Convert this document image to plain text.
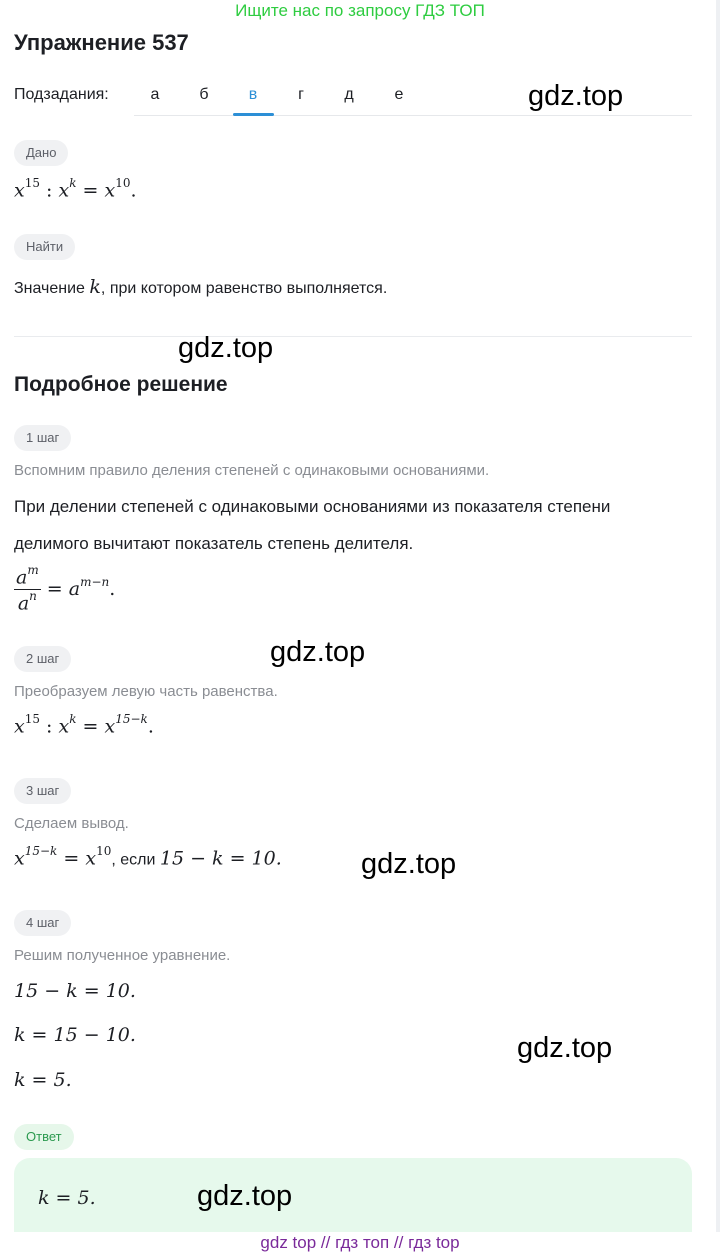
Ищите нас по запросу ГДЗ ТОП
Упражнение 537
Подзадания:	а	б	в	г	д	е	gdz.top
Дано
$x^{15}$ : $x^k = x^{10}$.
Найти
Значение k, при котором равенство выполняется.
gdz.top
Подробное решение
1 шаг
Вспомним правило деления степеней с одинаковыми основаниями.
При делении степеней с одинаковыми основаниями из показателя степени
делимого вычитают показатель степень делителя.
$\frac{a^m}{a^n} = a^{m-n}$.
gdz.top
2 шаг
Преобразуем левую часть равенства.
$x^{15}$ : $x^k = x^{15-k}$.
3 шаг
Сделаем вывод.
$x^{15-k} = x^{10}$, если 15 − k = 10.	gdz.top
4 шаг
Решим полученное уравнение.
15 − k = 10.
k = 15 − 10.
k = 5.
gdz.top
Ответ
k = 5.	gdz.top
gdz top // гдз топ // гдз top
